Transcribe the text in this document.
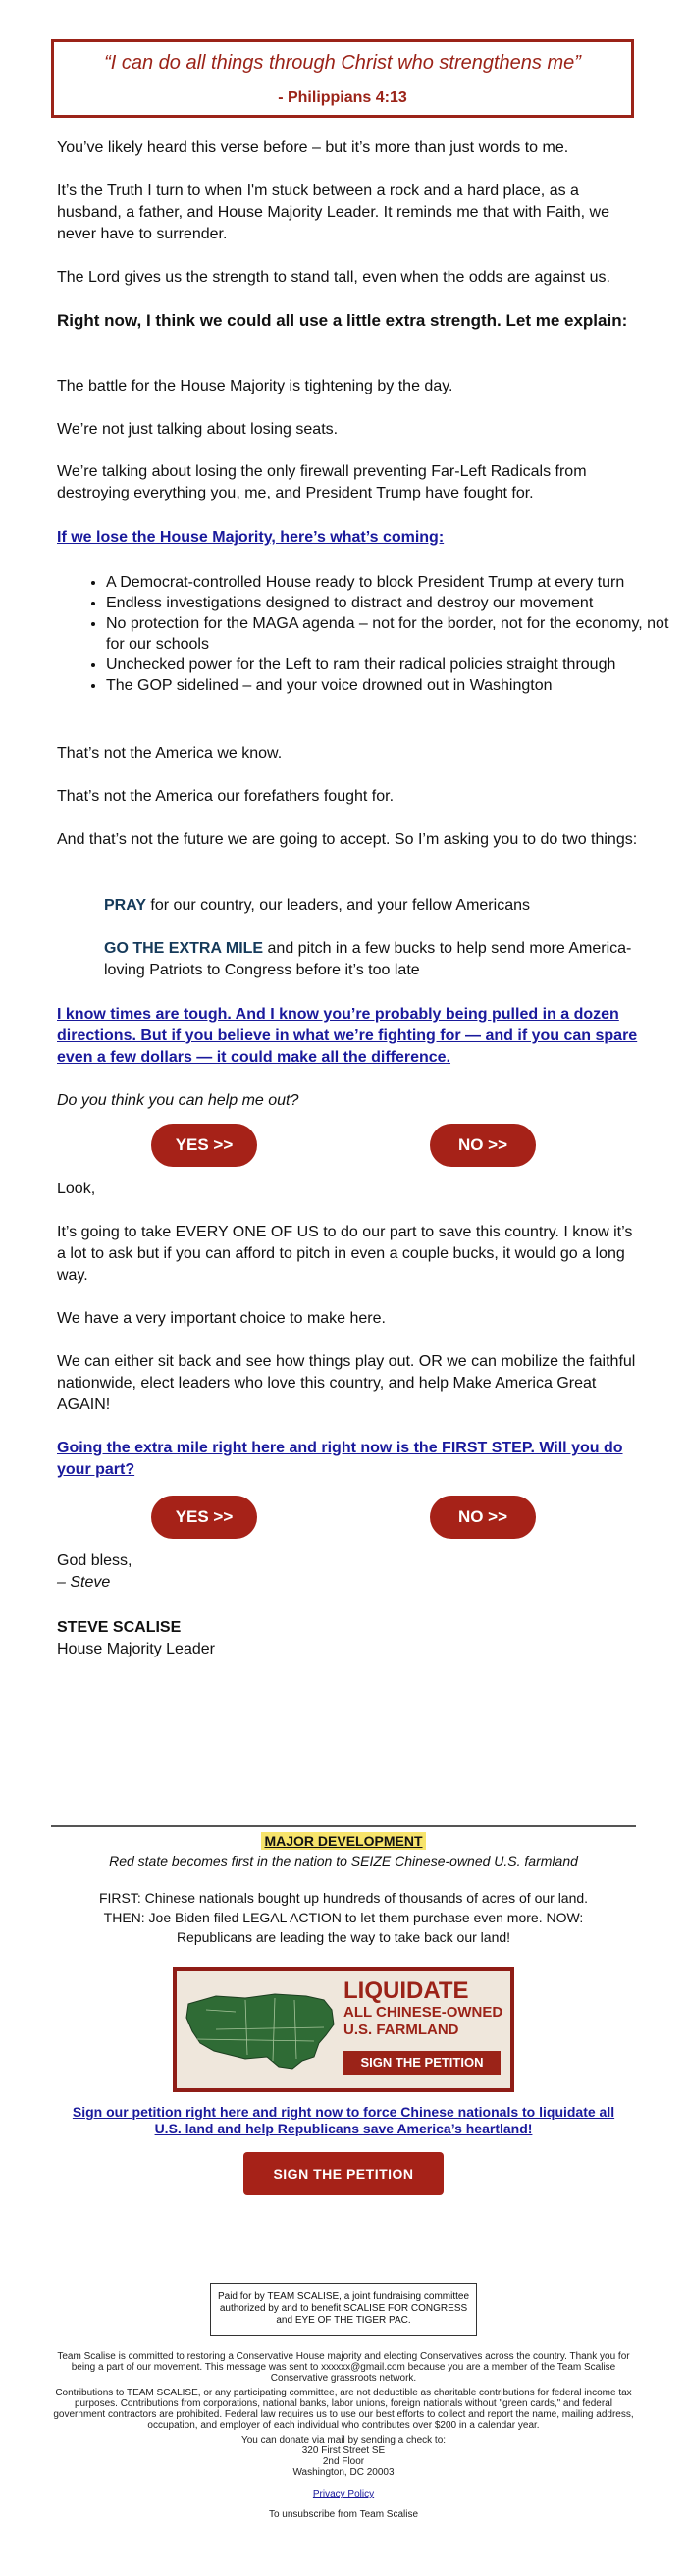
“I can do all things through Christ who strengthens me”
- Philippians 4:13

You’ve likely heard this verse before – but it’s more than just words to me.

It’s the Truth I turn to when I'm stuck between a rock and a hard place, as a husband, a father, and House Majority Leader. It reminds me that with Faith, we never have to surrender.

The Lord gives us the strength to stand tall, even when the odds are against us.

Right now, I think we could all use a little extra strength. Let me explain:

The battle for the House Majority is tightening by the day.

We’re not just talking about losing seats.

We’re talking about losing the only firewall preventing Far-Left Radicals from destroying everything you, me, and President Trump have fought for.

If we lose the House Majority, here’s what’s coming:

• A Democrat-controlled House ready to block President Trump at every turn
• Endless investigations designed to distract and destroy our movement
• No protection for the MAGA agenda – not for the border, not for the economy, not for our schools
• Unchecked power for the Left to ram their radical policies straight through
• The GOP sidelined – and your voice drowned out in Washington

That’s not the America we know.

That’s not the America our forefathers fought for.

And that’s not the future we are going to accept. So I’m asking you to do two things:

PRAY for our country, our leaders, and your fellow Americans

GO THE EXTRA MILE and pitch in a few bucks to help send more America-loving Patriots to Congress before it’s too late

I know times are tough. And I know you’re probably being pulled in a dozen directions. But if you believe in what we’re fighting for — and if you can spare even a few dollars — it could make all the difference.

Do you think you can help me out?

YES >>	NO >>

Look,

It’s going to take EVERY ONE OF US to do our part to save this country. I know it’s a lot to ask but if you can afford to pitch in even a couple bucks, it would go a long way.

We have a very important choice to make here.

We can either sit back and see how things play out. OR we can mobilize the faithful nationwide, elect leaders who love this country, and help Make America Great AGAIN!

Going the extra mile right here and right now is the FIRST STEP. Will you do your part?

YES >>	NO >>

God bless,

– Steve

STEVE SCALISE

House Majority Leader

MAJOR DEVELOPMENT
Red state becomes first in the nation to SEIZE Chinese-owned U.S. farmland
FIRST: Chinese nationals bought up hundreds of thousands of acres of our land. THEN: Joe Biden filed LEGAL ACTION to let them purchase even more. NOW: Republicans are leading the way to take back our land!
LIQUIDATE
ALL CHINESE-OWNED
U.S. FARMLAND
SIGN THE PETITION
Sign our petition right here and right now to force Chinese nationals to liquidate all U.S. land and help Republicans save America’s heartland!
SIGN THE PETITION
Paid for by TEAM SCALISE, a joint fundraising committee authorized by and to benefit SCALISE FOR CONGRESS and EYE OF THE TIGER PAC.
Team Scalise is committed to restoring a Conservative House majority and electing Conservatives across the country. Thank you for being a part of our movement. This message was sent to xxxxxx@gmail.com because you are a member of the Team Scalise Conservative grassroots network.
Contributions to TEAM SCALISE, or any participating committee, are not deductible as charitable contributions for federal income tax purposes. Contributions from corporations, national banks, labor unions, foreign nationals without "green cards," and federal government contractors are prohibited. Federal law requires us to use our best efforts to collect and report the name, mailing address, occupation, and employer of each individual who contributes over $200 in a calendar year.
You can donate via mail by sending a check to:
320 First Street SE
2nd Floor
Washington, DC 20003
Privacy Policy
To unsubscribe from Team Scalise
